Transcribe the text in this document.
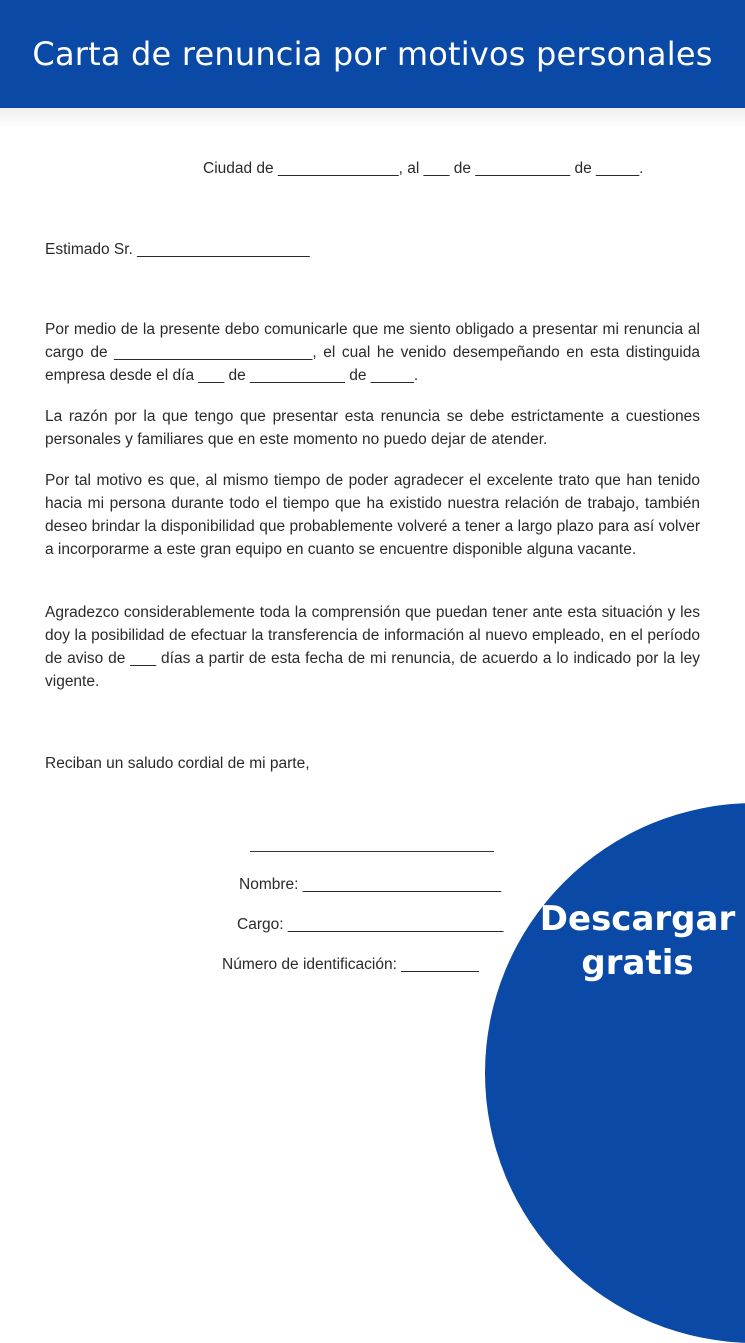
Carta de renuncia por motivos personales
Ciudad de ______________, al ___ de ___________ de _____.
Estimado Sr. ____________________
Por medio de la presente debo comunicarle que me siento obligado a presentar mi renuncia al cargo de _______________________, el cual he venido desempeñando en esta distinguida empresa desde el día ___ de ___________ de _____.
La razón por la que tengo que presentar esta renuncia se debe estrictamente a cuestiones personales y familiares que en este momento no puedo dejar de atender.
Por tal motivo es que, al mismo tiempo de poder agradecer el excelente trato que han tenido hacia mi persona durante todo el tiempo que ha existido nuestra relación de trabajo, también deseo brindar la disponibilidad que probablemente volveré a tener a largo plazo para así volver a incorporarme a este gran equipo en cuanto se encuentre disponible alguna vacante.
Agradezco considerablemente toda la comprensión que puedan tener ante esta situación y les doy la posibilidad de efectuar la transferencia de información al nuevo empleado, en el período de aviso de ___ días a partir de esta fecha de mi renuncia, de acuerdo a lo indicado por la ley vigente.
Reciban un saludo cordial de mi parte,
Nombre: _______________________
Cargo: _________________________
Número de identificación: _________
Descargar gratis
